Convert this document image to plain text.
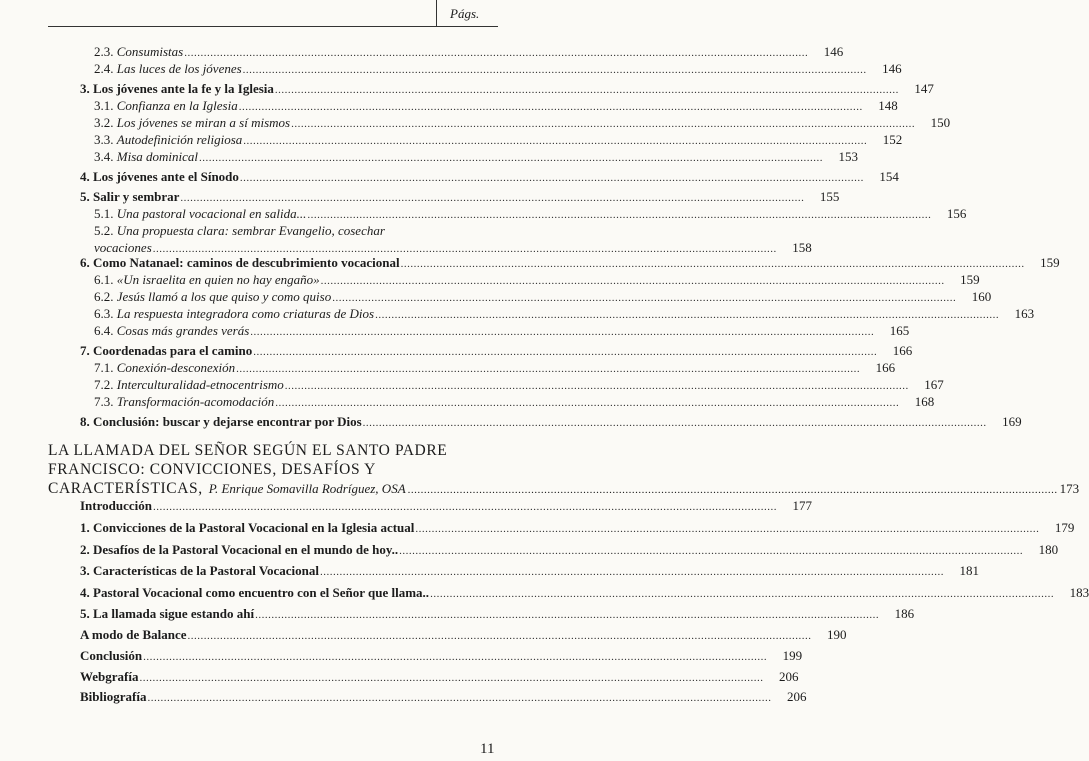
Págs.
2.3. Consumistas .....	146
2.4. Las luces de los jóvenes .....	146
3. Los jóvenes ante la fe y la Iglesia .....	147
3.1. Confianza en la Iglesia .....	148
3.2. Los jóvenes se miran a sí mismos .....	150
3.3. Autodefinición religiosa .....	152
3.4. Misa dominical .....	153
4. Los jóvenes ante el Sínodo .....	154
5. Salir y sembrar .....	155
5.1. Una pastoral vocacional en salida... .....	156
5.2. Una propuesta clara: sembrar Evangelio, cosechar
vocaciones .....	158
6. Como Natanael: caminos de descubrimiento vocacional .....	159
6.1. «Un israelita en quien no hay engaño» .....	159
6.2. Jesús llamó a los que quiso y como quiso .....	160
6.3. La respuesta integradora como criaturas de Dios .....	163
6.4. Cosas más grandes verás .....	165
7. Coordenadas para el camino .....	166
7.1. Conexión-desconexión .....	166
7.2. Interculturalidad-etnocentrismo .....	167
7.3. Transformación-acomodación .....	168
8. Conclusión: buscar y dejarse encontrar por Dios .....	169
LA LLAMADA DEL SEÑOR SEGÚN EL SANTO PADRE
FRANCISCO: CONVICCIONES, DESAFÍOS Y
CARACTERÍSTICAS, P. Enrique Somavilla Rodríguez, OSA ........................................................................................................................................................................................................ 173
Introducción .....	177
1. Convicciones de la Pastoral Vocacional en la Iglesia actual .....	179
2. Desafíos de la Pastoral Vocacional en el mundo de hoy.. .....	180
3. Características de la Pastoral Vocacional .....	181
4. Pastoral Vocacional como encuentro con el Señor que llama.. .....	183
5. La llamada sigue estando ahí .....	186
A modo de Balance .....	190
Conclusión .....	199
Webgrafía .....	206
Bibliografía .....	206
11
